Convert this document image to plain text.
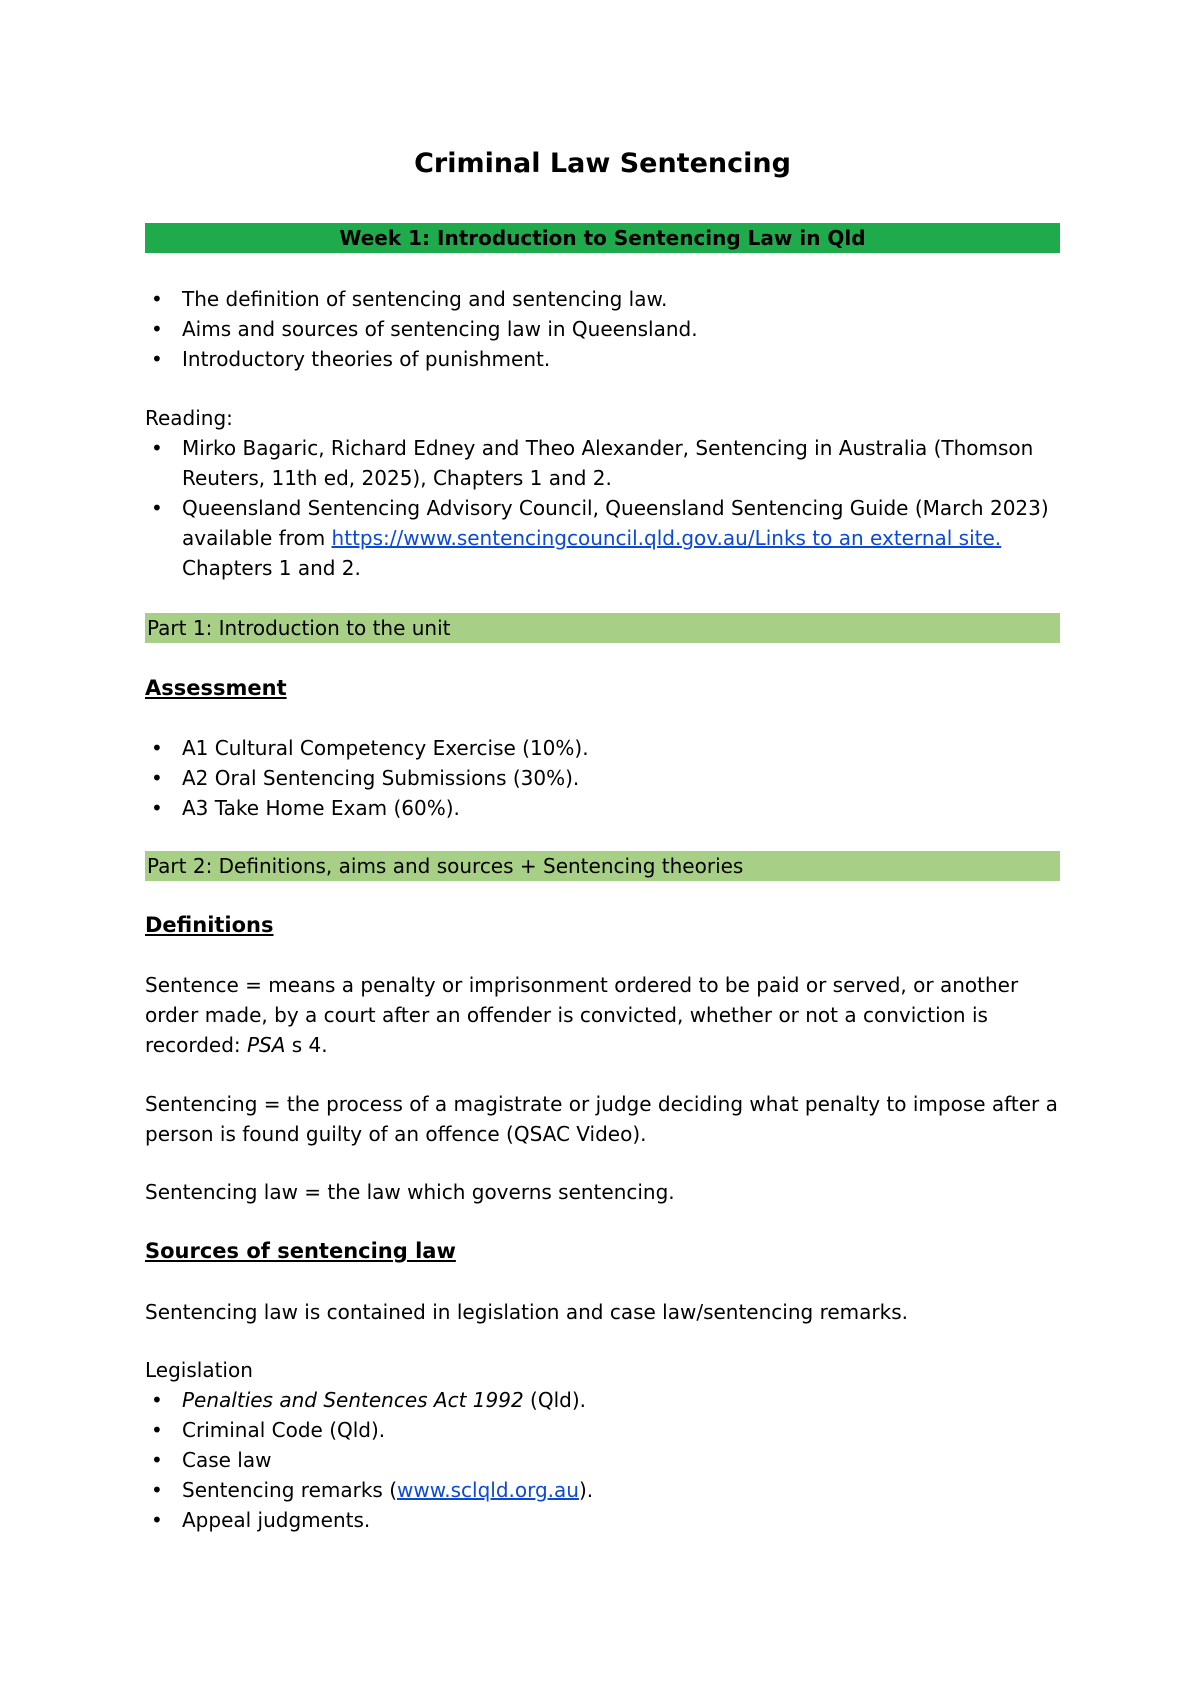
Criminal Law Sentencing
Week 1: Introduction to Sentencing Law in Qld
• The definition of sentencing and sentencing law.
• Aims and sources of sentencing law in Queensland.
• Introductory theories of punishment.

Reading:

• Mirko Bagaric, Richard Edney and Theo Alexander, Sentencing in Australia (Thomson Reuters, 11th ed, 2025), Chapters 1 and 2.
• Queensland Sentencing Advisory Council, Queensland Sentencing Guide (March 2023) available from https://www.sentencingcouncil.qld.gov.au/Links to an external site. Chapters 1 and 2.
Part 1: Introduction to the unit
Assessment
• A1 Cultural Competency Exercise (10%).
• A2 Oral Sentencing Submissions (30%).
• A3 Take Home Exam (60%).
Part 2: Definitions, aims and sources + Sentencing theories
Definitions

Sentence = means a penalty or imprisonment ordered to be paid or served, or another order made, by a court after an offender is convicted, whether or not a conviction is recorded: PSA s 4.

Sentencing = the process of a magistrate or judge deciding what penalty to impose after a person is found guilty of an offence (QSAC Video).

Sentencing law = the law which governs sentencing.

Sources of sentencing law

Sentencing law is contained in legislation and case law/sentencing remarks.

Legislation

• Penalties and Sentences Act 1992 (Qld).
• Criminal Code (Qld).
• Case law
• Sentencing remarks (www.sclqld.org.au).
• Appeal judgments.
